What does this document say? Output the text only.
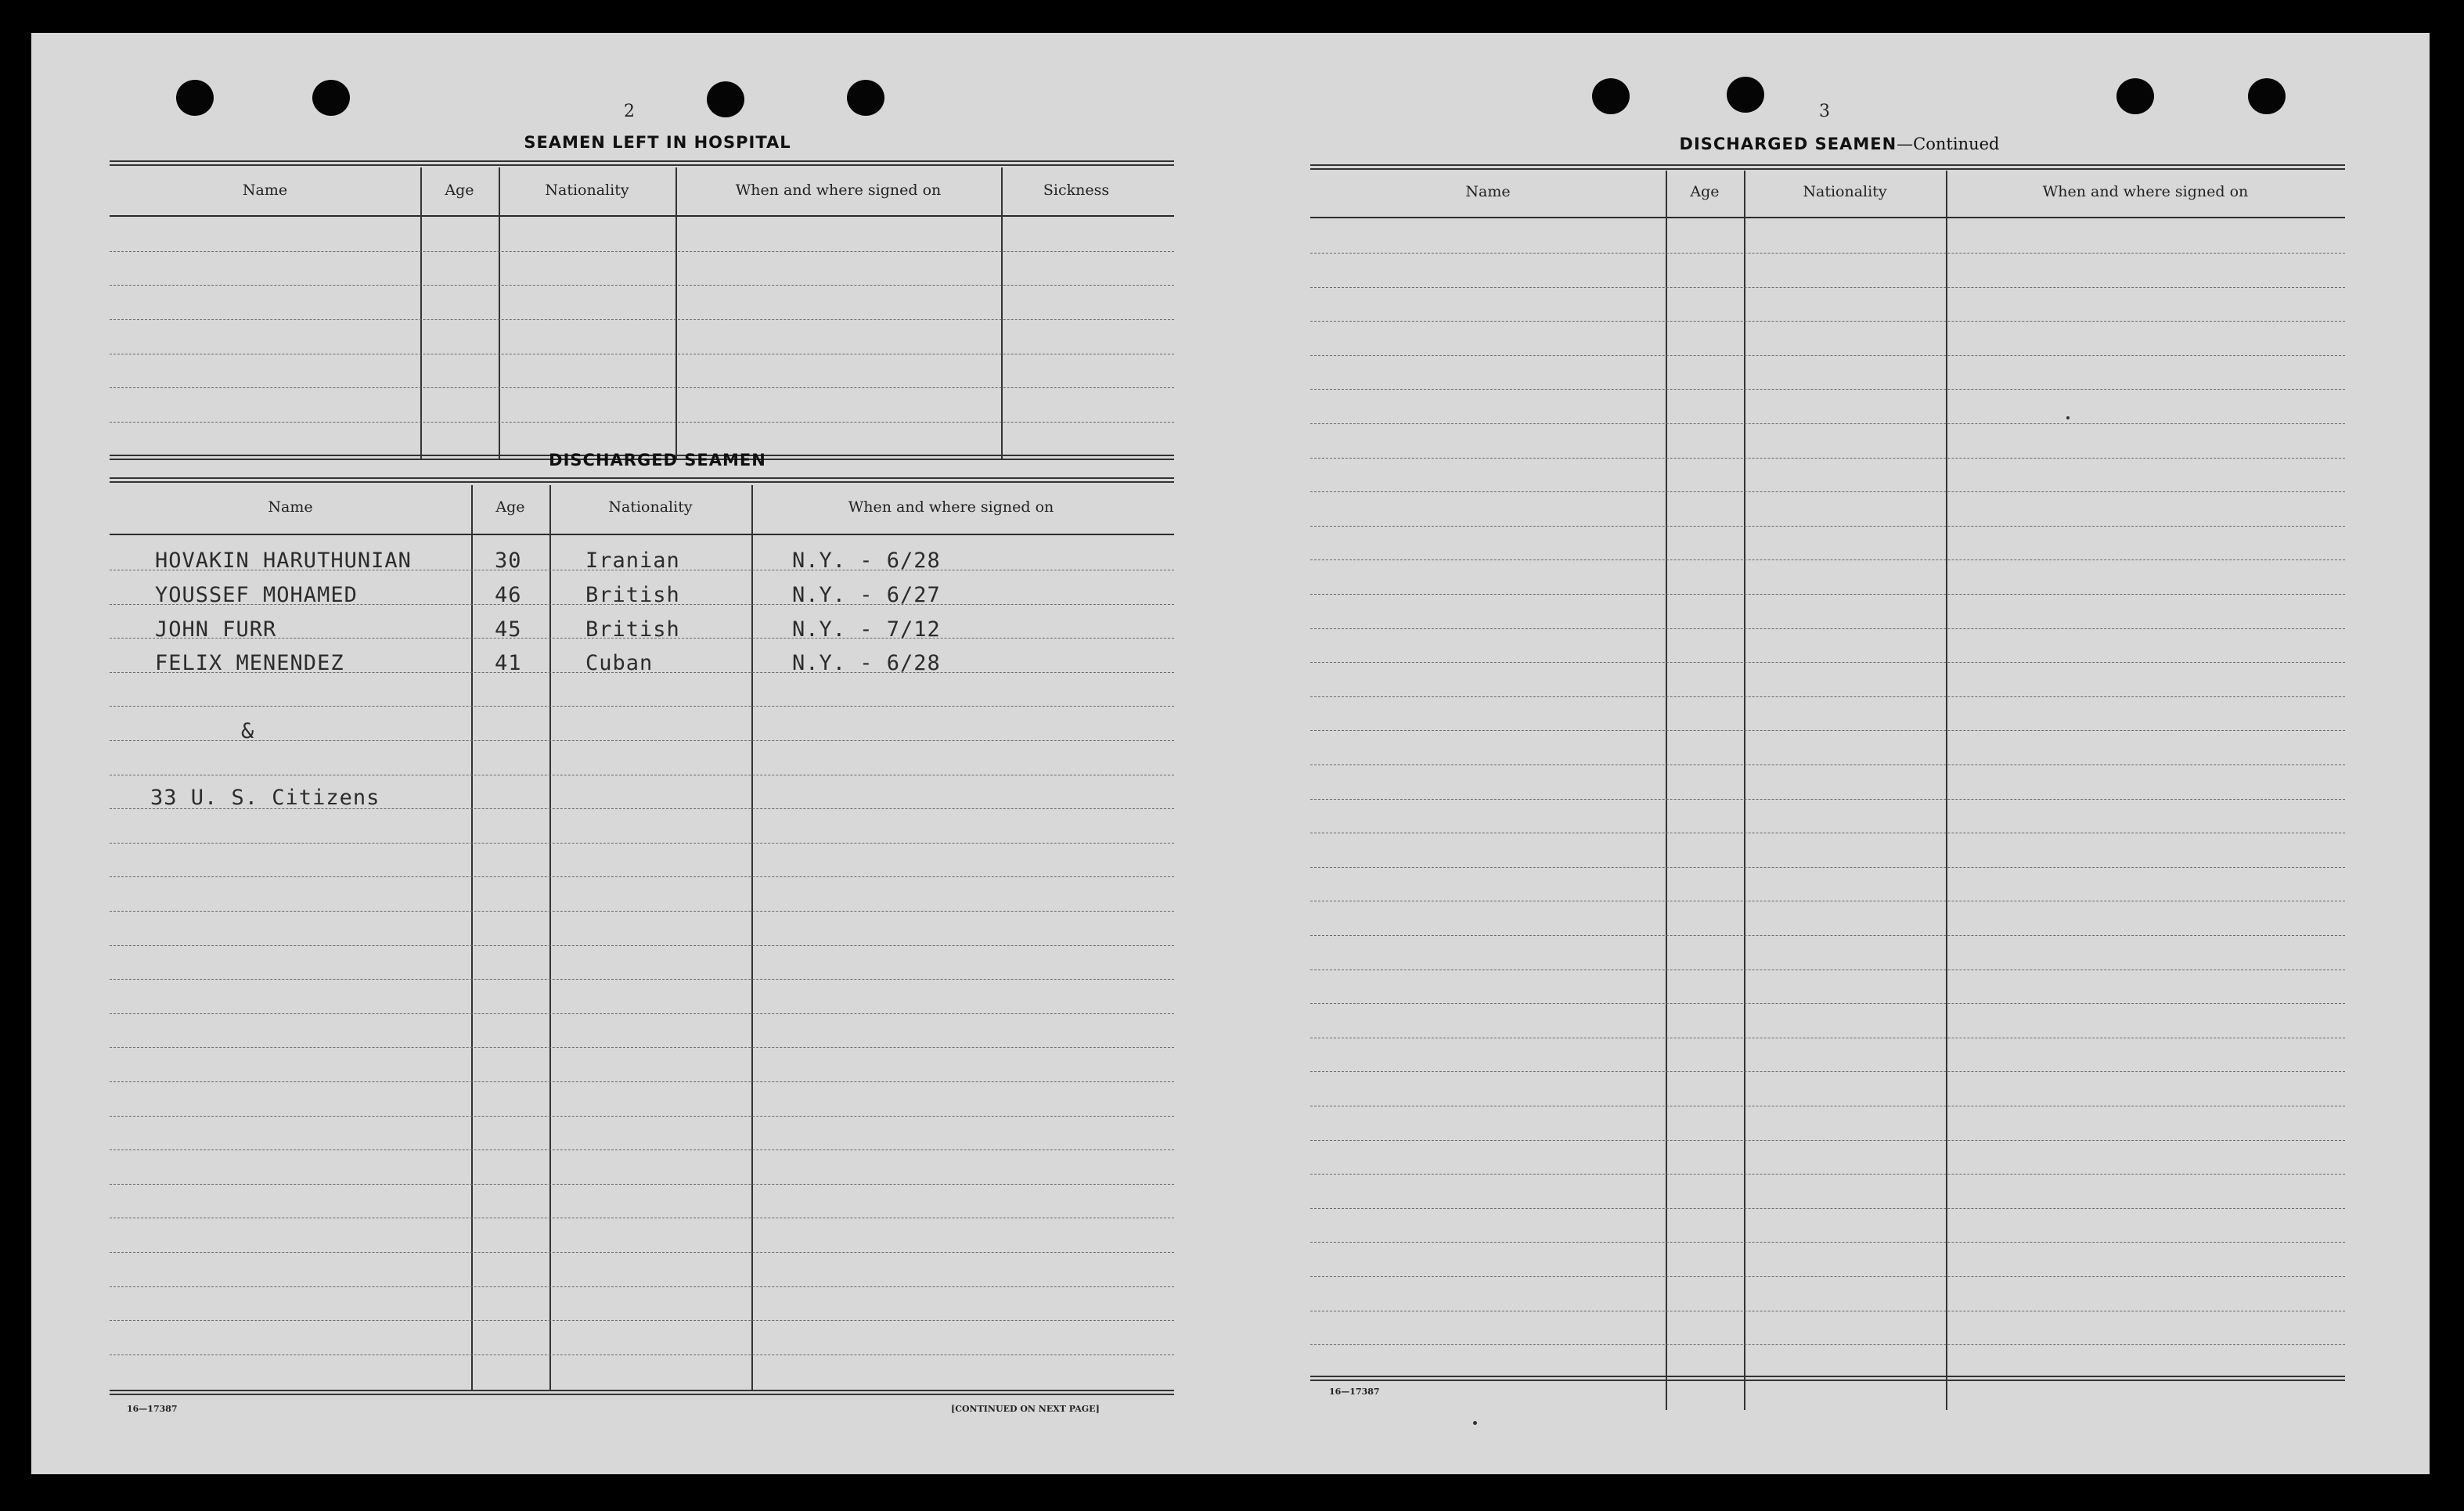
2
SEAMEN LEFT IN HOSPITAL
Name	Age	Nationality	When and where signed on	Sickness
DISCHARGED SEAMEN
Name	Age	Nationality	When and where signed on
HOVAKIN HARUTHUNIAN	30	Iranian	N.Y. - 6/28
YOUSSEF MOHAMED	46	British	N.Y. - 6/27
JOHN FURR	45	British	N.Y. - 7/12
FELIX MENENDEZ	41	Cuban	N.Y. - 6/28
&
33 U. S. Citizens
16—17387	[CONTINUED ON NEXT PAGE]
3
DISCHARGED SEAMEN—Continued
Name	Age	Nationality	When and where signed on
16—17387
